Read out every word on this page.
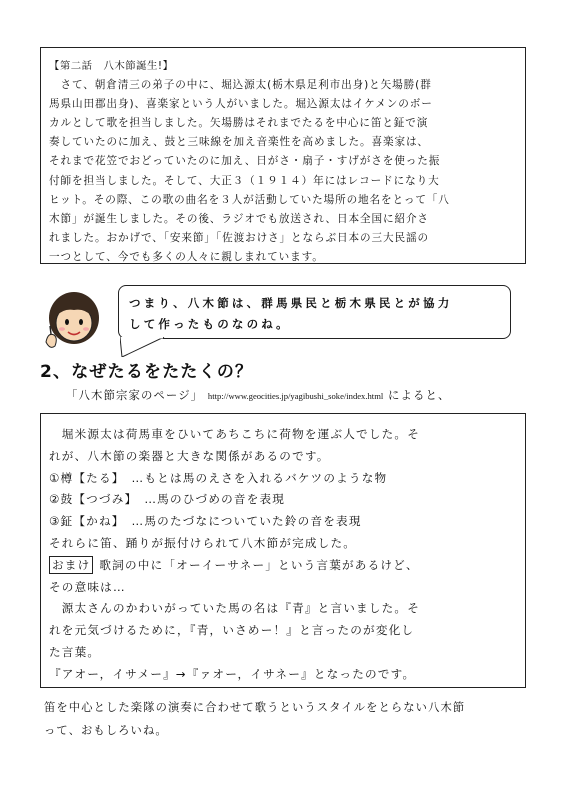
【第二話　八木節誕生!】

　さて、朝倉清三の弟子の中に、堀込源太(栃木県足利市出身)と矢場勝(群

馬県山田郡出身)、喜楽家という人がいました。堀込源太はイケメンのボー

カルとして歌を担当しました。矢場勝はそれまでたるを中心に笛と鉦で演

奏していたのに加え、鼓と三味線を加え音楽性を高めました。喜楽家は、

それまで花笠でおどっていたのに加え、日がさ・扇子・すげがさを使った振

付師を担当しました。そして、大正３（１９１４）年にはレコードになり大

ヒット。その際、この歌の曲名を３人が活動していた場所の地名をとって「八

木節」が誕生しました。その後、ラジオでも放送され、日本全国に紹介さ

れました。おかげで、「安来節」「佐渡おけさ」とならぶ日本の三大民謡の

一つとして、今でも多くの人々に親しまれています。

つまり、八木節は、群馬県民と栃木県民とが協力

して作ったものなのね。

2、なぜたるをたたくの？

「八木節宗家のページ」 http://www.geocities.jp/yagibushi_soke/index.html によると、

　堀米源太は荷馬車をひいてあちこちに荷物を運ぶ人でした。そ

れが、八木節の楽器と大きな関係があるのです。

①樽【たる】　…もとは馬のえさを入れるバケツのような物

②鼓【つづみ】　…馬のひづめの音を表現

③鉦【かね】　…馬のたづなについていた鈴の音を表現

それらに笛、踊りが振付けられて八木節が完成した。

おまけ 歌詞の中に「オーイーサネー」という言葉があるけど、

その意味は…

　源太さんのかわいがっていた馬の名は『青』と言いました。そ

れを元気づけるために，『青，いさめー！』と言ったのが変化し

た言葉。

『アオー，イサメー』→『ァオー，イサネー』となったのです。

笛を中心とした楽隊の演奏に合わせて歌うというスタイルをとらない八木節
って、おもしろいね。
